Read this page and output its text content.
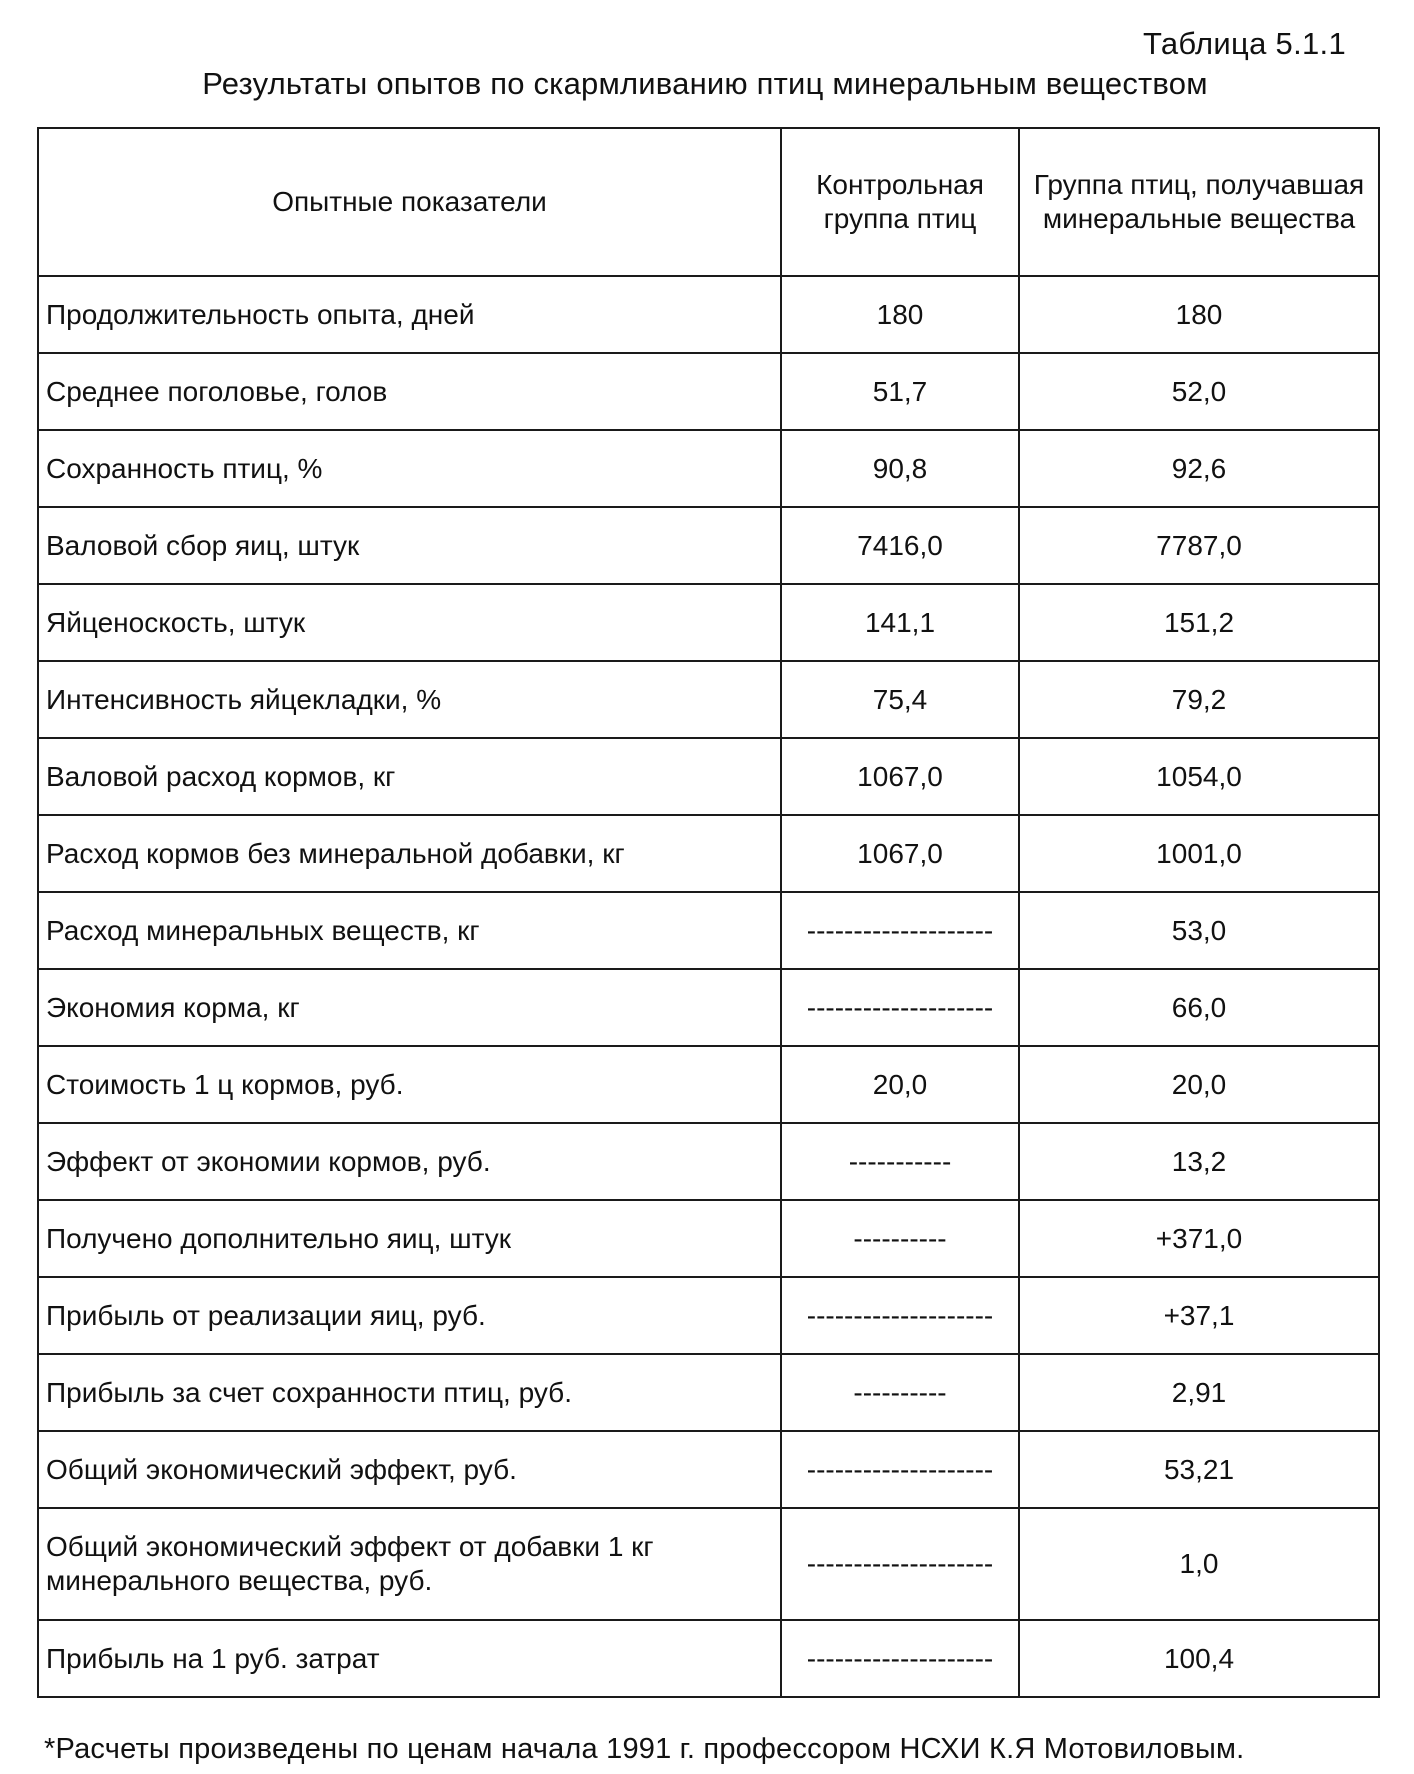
Таблица 5.1.1
Результаты опытов по скармливанию птиц минеральным веществом
Опытные показатели	Контрольная группа птиц	Группа птиц, получавшая минеральные вещества
Продолжительность опыта, дней	180	180
Среднее поголовье, голов	51,7	52,0
Сохранность птиц, %	90,8	92,6
Валовой сбор яиц, штук	7416,0	7787,0
Яйценоскость, штук	141,1	151,2
Интенсивность яйцекладки, %	75,4	79,2
Валовой расход кормов, кг	1067,0	1054,0
Расход кормов без минеральной добавки, кг	1067,0	1001,0
Расход минеральных веществ, кг	--------------------	53,0
Экономия корма, кг	--------------------	66,0
Стоимость 1 ц кормов, руб.	20,0	20,0
Эффект от экономии кормов, руб.	-----------	13,2
Получено дополнительно яиц, штук	----------	+371,0
Прибыль от реализации яиц, руб.	--------------------	+37,1
Прибыль за счет сохранности птиц, руб.	----------	2,91
Общий экономический эффект, руб.	--------------------	53,21
Общий экономический эффект от добавки 1 кг минерального вещества, руб.	--------------------	1,0
Прибыль на 1 руб. затрат	--------------------	100,4
*Расчеты произведены по ценам начала 1991 г. профессором НСХИ К.Я Мотовиловым.
